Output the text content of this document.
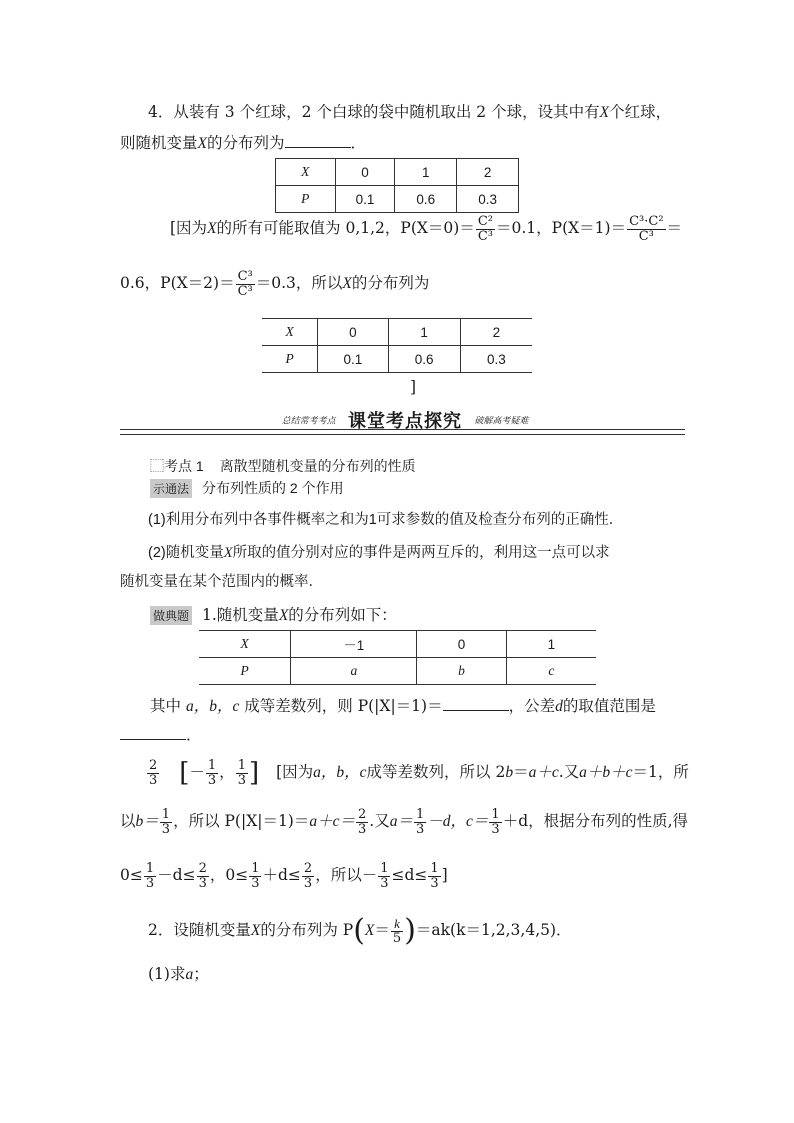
4．从装有 3 个红球，2 个白球的袋中随机取出 2 个球，设其中有X个红球，
则随机变量X的分布列为	．
X	0	1	2
P	0.1	0.6	0.3
[因为X的所有可能取值为 0,1,2，$P(X=0)= \frac{\text{C²}}{\text{C³}} =0.1$，$P(X=1)= \frac{\text{C³·C²}}{\text{C³}}$ ＝
0.6，$P(X=2)= \frac{\text{C³}}{\text{C³}} =0.3$，所以X的分布列为
X	0	1	2
P	0.1	0.6	0.3
]
总结常考考点 课堂考点探究 破解高考疑难
⬚考点 1 离散型随机变量的分布列的性质
示通法 分布列性质的 2 个作用
(1)利用分布列中各事件概率之和为1可求参数的值及检查分布列的正确性．
(2)随机变量X所取的值分别对应的事件是两两互斥的，利用这一点可以求
随机变量在某个范围内的概率．
做典题 1.随机变量X的分布列如下：
X	－1	0	1
P	a	b	c
其中 a，b，c 成等差数列，则 P(|X|＝1)＝	，公差d的取值范围是
．
$\frac{2}{3}$ [－ $\frac{1}{3}$ ， $\frac{1}{3}$ ] [因为a，b，c成等差数列，所以 2b＝a＋c.又a＋b＋c＝1，所
以$b= \frac{1}{3}$ ，所以 $P(|X|=1)=a+c= \frac{2}{3}$ .又$a= \frac{1}{3} -d$，$c= \frac{1}{3} +d$，根据分布列的性质,得
$0\le \frac{1}{3} -d\le \frac{2}{3}$ ，$0\le \frac{1}{3} +d\le \frac{2}{3}$ ，所以－ $\frac{1}{3} \le d\le \frac{1}{3}$ ]
2．设随机变量X的分布列为 $P(X= \frac{k}{5} )=ak(k=1,2,3,4,5)$．
(1)求a；
